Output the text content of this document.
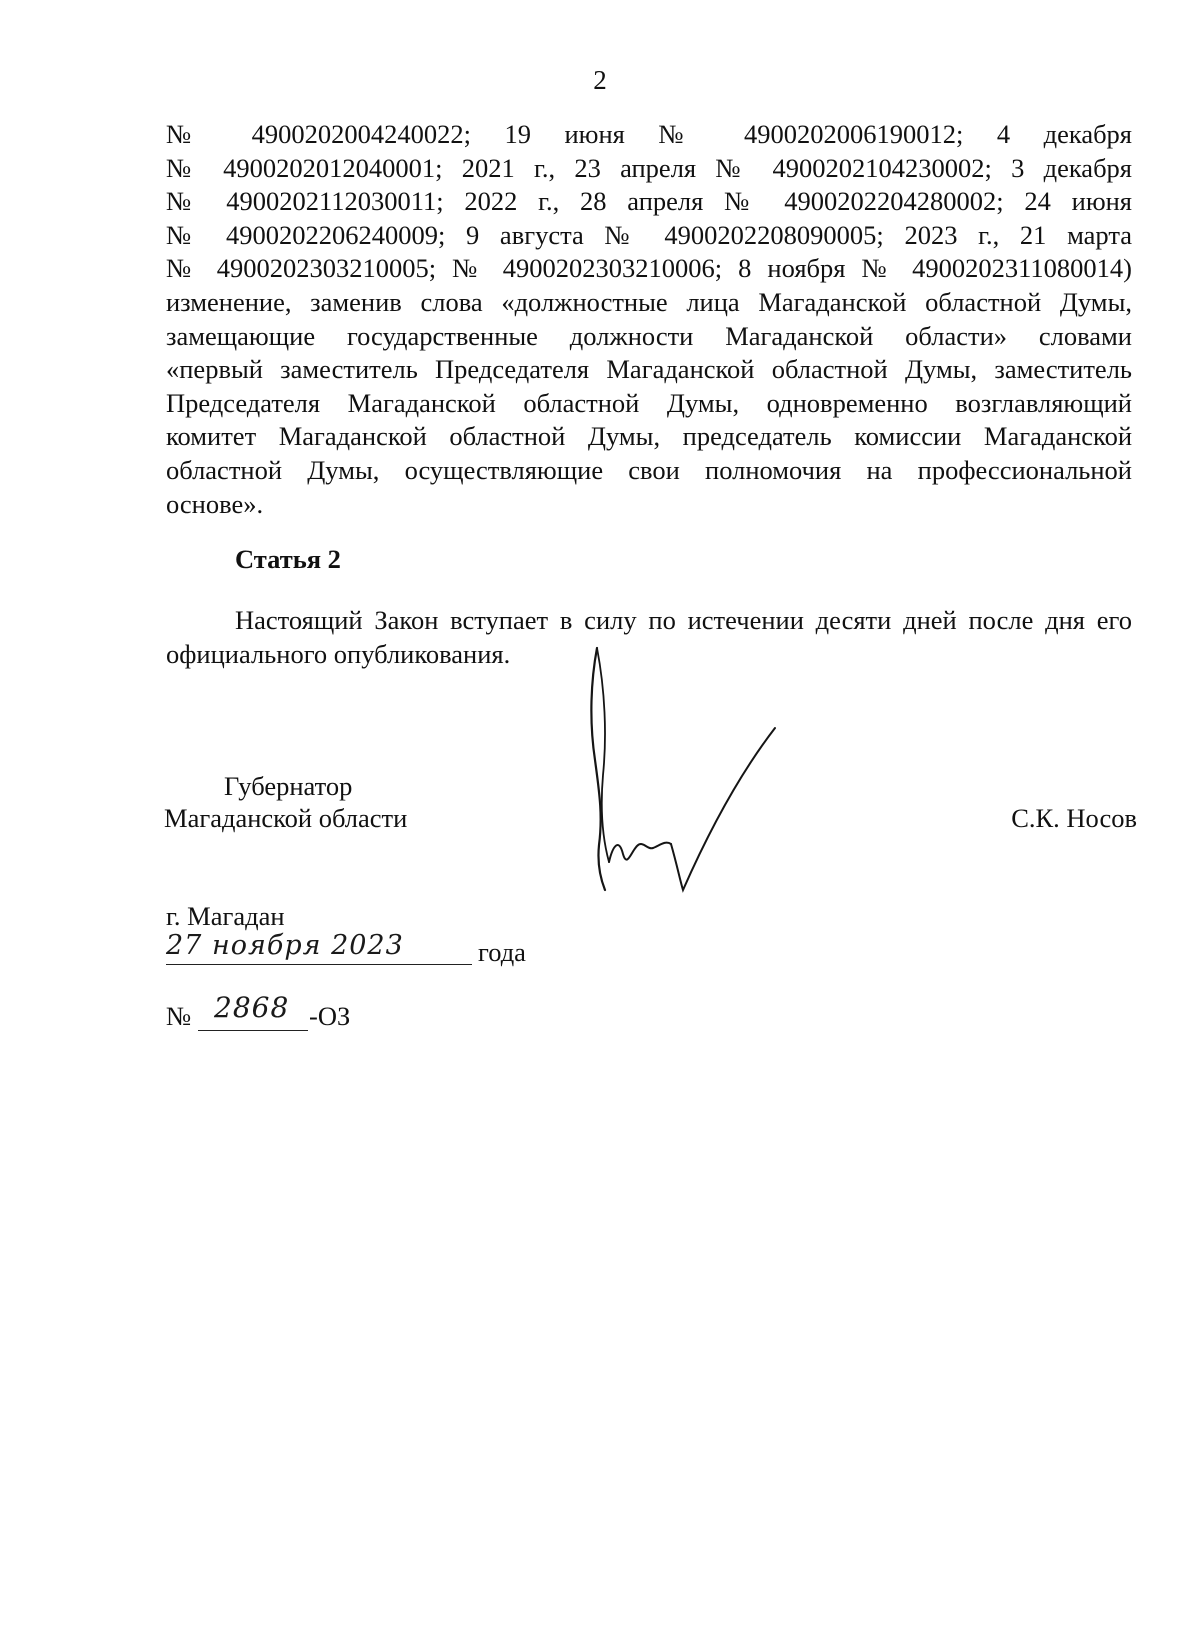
2
№ 4900202004240022; 19 июня № 4900202006190012; 4 декабря
№ 4900202012040001; 2021 г., 23 апреля № 4900202104230002; 3 декабря
№ 4900202112030011; 2022 г., 28 апреля № 4900202204280002; 24 июня
№ 4900202206240009; 9 августа № 4900202208090005; 2023 г., 21 марта
№ 4900202303210005; № 4900202303210006; 8 ноября № 4900202311080014)
изменение, заменив слова «должностные лица Магаданской областной Думы,
замещающие государственные должности Магаданской области» словами
«первый заместитель Председателя Магаданской областной Думы, заместитель
Председателя Магаданской областной Думы, одновременно возглавляющий
комитет Магаданской областной Думы, председатель комиссии Магаданской
областной Думы, осуществляющие свои полномочия на профессиональной
основе».
Статья 2
Настоящий Закон вступает в силу по истечении десяти дней после дня его
официального опубликования.
Губернатор
Магаданской области	С.К. Носов
г. Магадан
27 ноября 2023	года
№ 2868 -ОЗ
